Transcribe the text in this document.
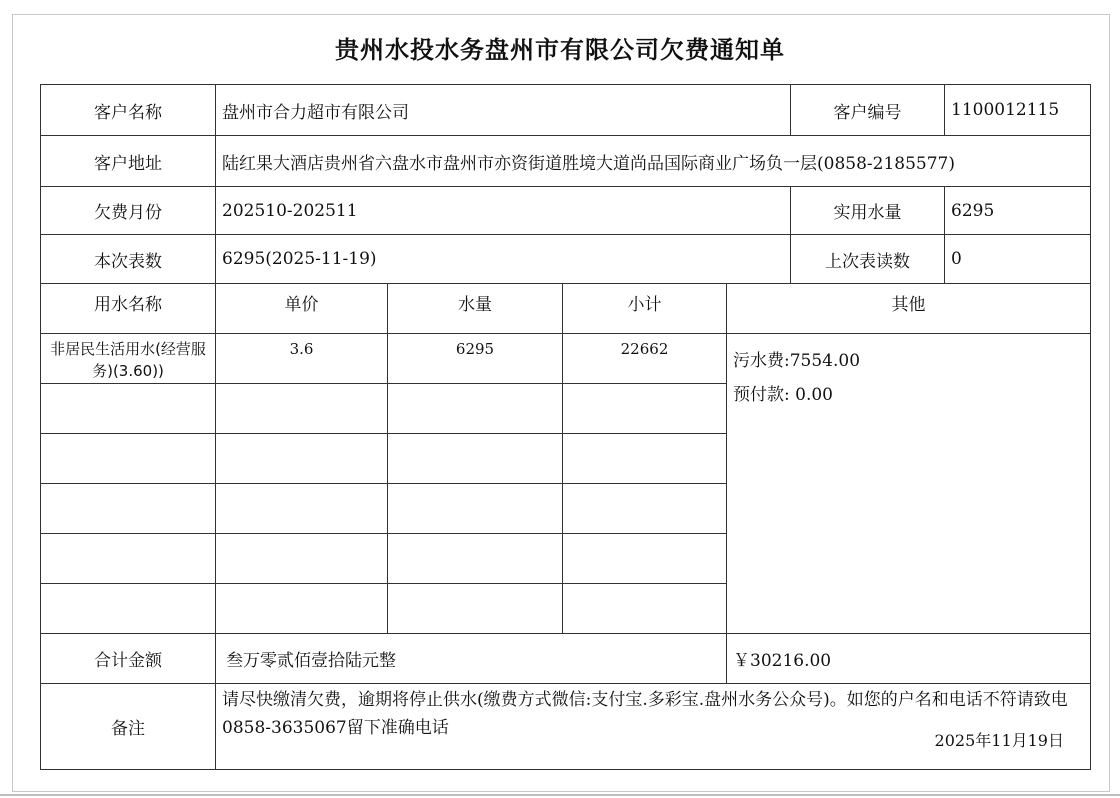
贵州水投水务盘州市有限公司欠费通知单
客户名称	盘州市合力超市有限公司				客户编号	1100012115
客户地址	陆红果大酒店贵州省六盘水市盘州市亦资街道胜境大道尚品国际商业广场负一层(0858-2185577)					
欠费月份	202510-202511				实用水量	6295
本次表数	6295(2025-11-19)				上次表读数	0
用水名称	单价	水量	小计	其他		
非居民生活用水(经营服务)(3.60))	3.6	6295	22662	污水费:7554.00
预付款: 0.00		

合计金额	叁万零贰佰壹拾陆元整			￥30216.00		
备注	请尽快缴清欠费，逾期将停止供水(缴费方式微信:支付宝.多彩宝.盘州水务公众号)。如您的户名和电话不符请致电0858-3635067留下准确电话
2025年11月19日					
